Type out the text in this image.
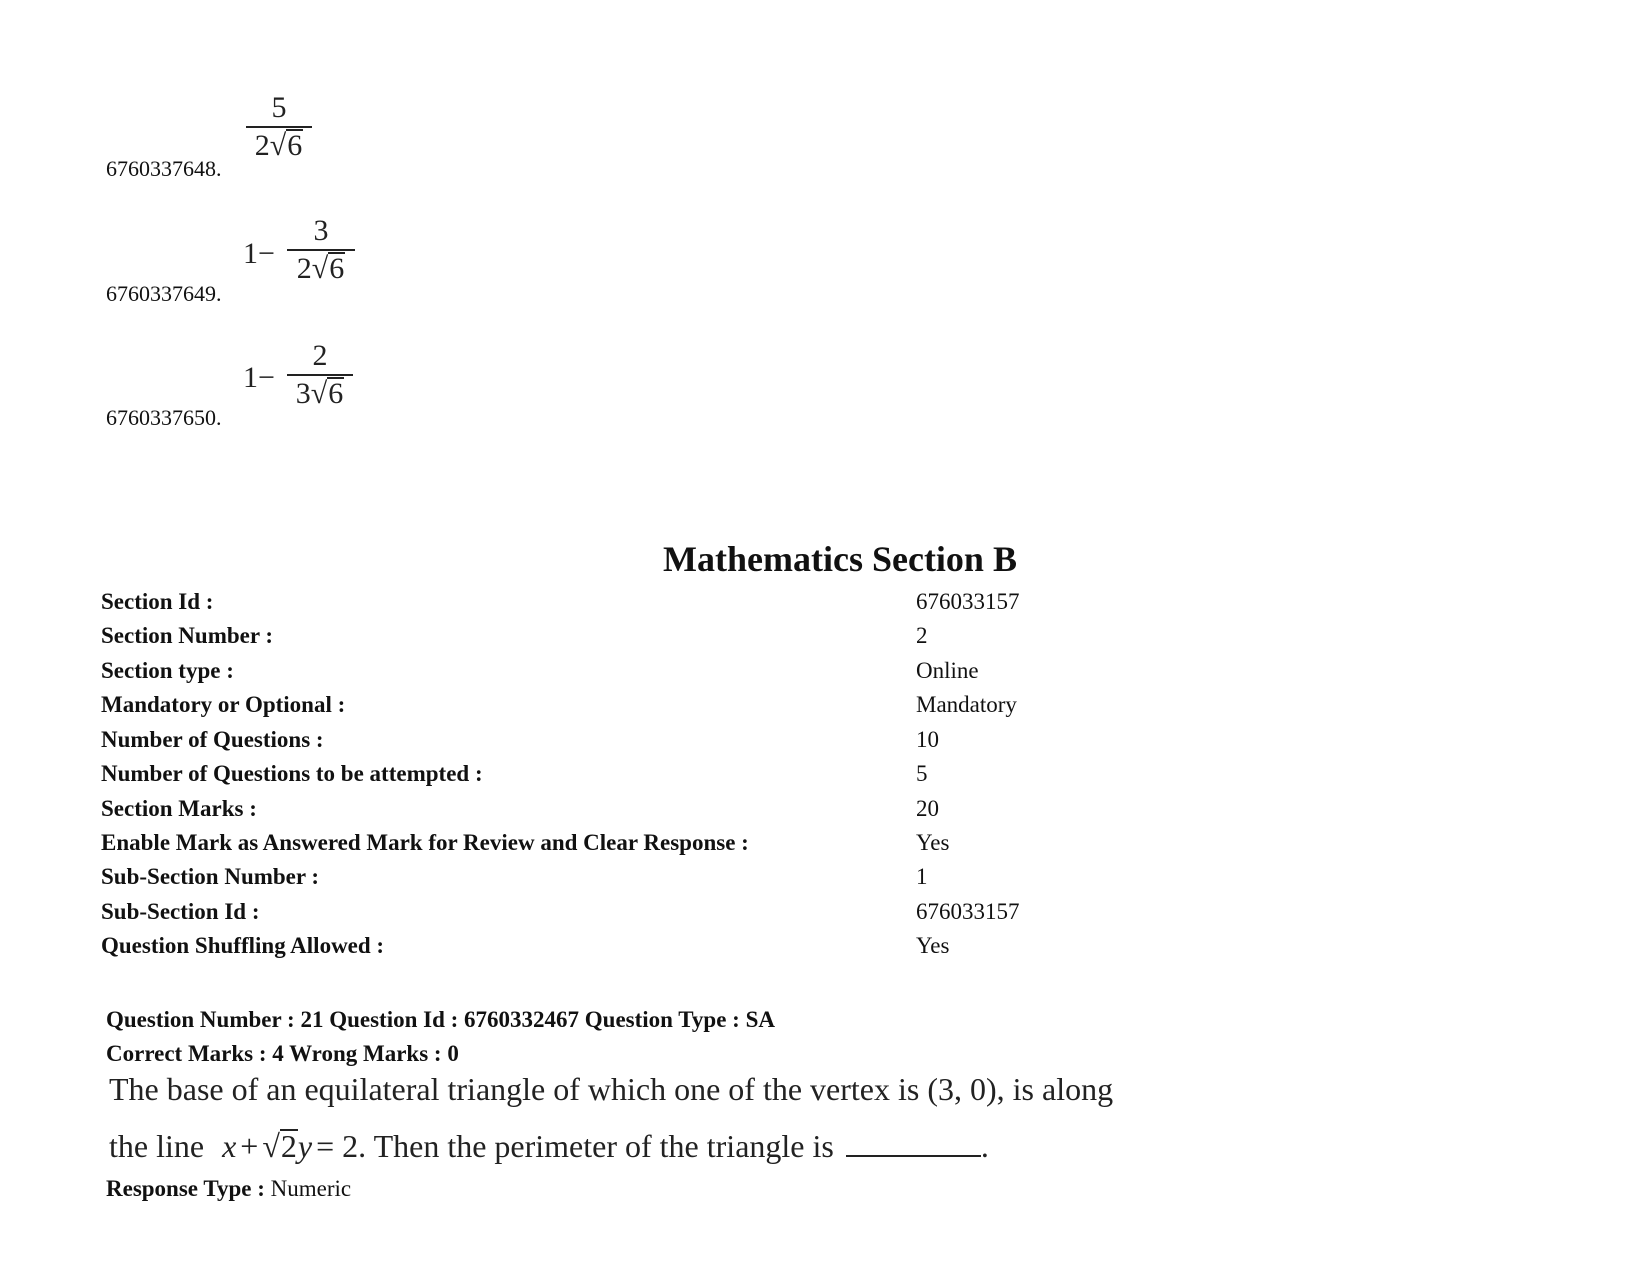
6760337648.
5
2√6
6760337649.
1−
3
2√6
6760337650.
1−
2
3√6
Mathematics Section B
Section Id :	676033157
Section Number :	2
Section type :	Online
Mandatory or Optional :	Mandatory
Number of Questions :	10
Number of Questions to be attempted :	5
Section Marks :	20
Enable Mark as Answered Mark for Review and Clear Response :	Yes
Sub-Section Number :	1
Sub-Section Id :	676033157
Question Shuffling Allowed :	Yes
Question Number : 21 Question Id : 6760332467 Question Type : SA
Correct Marks : 4 Wrong Marks : 0
The base of an equilateral triangle of which one of the vertex is (3, 0), is along
the line x + √2y = 2. Then the perimeter of the triangle is	.
Response Type : Numeric
